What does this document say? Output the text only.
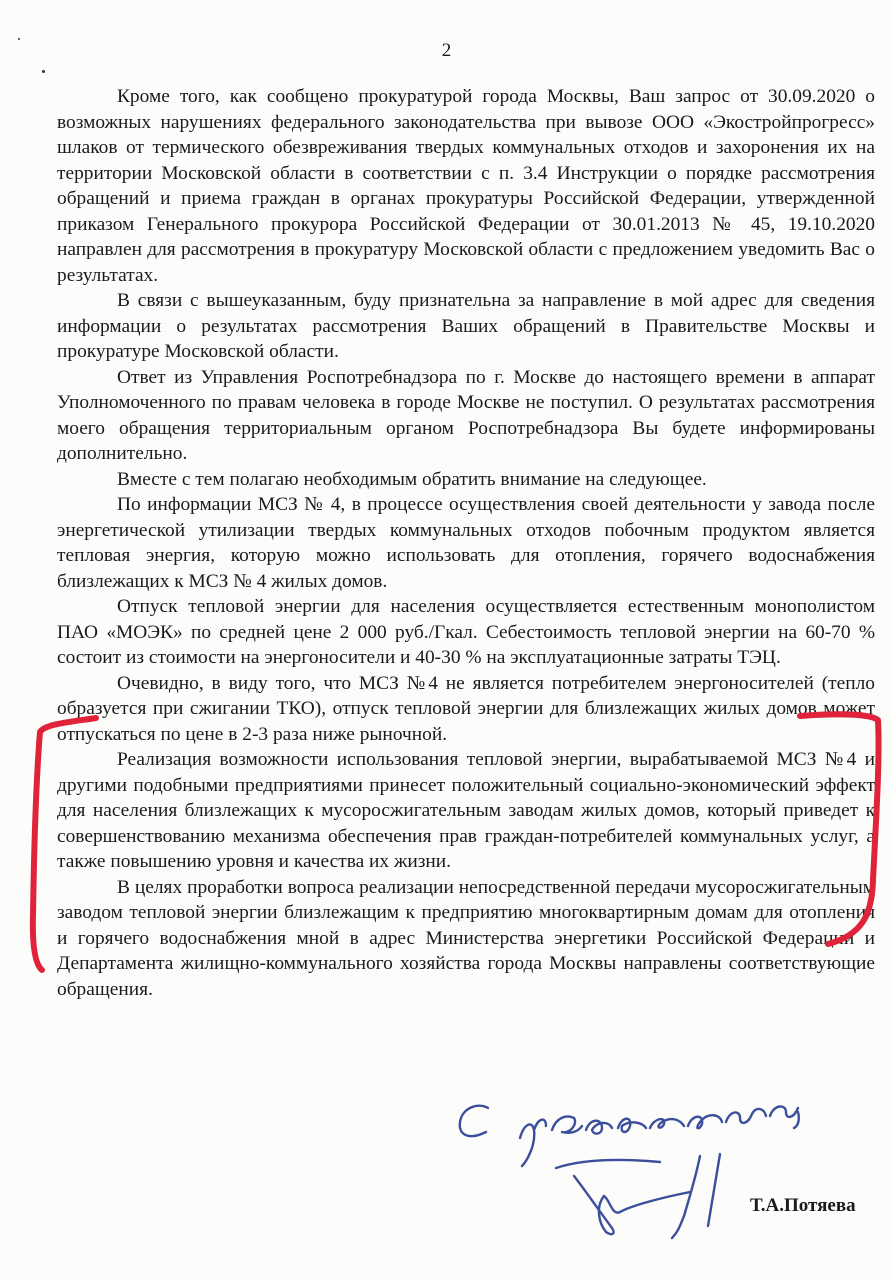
2

Кроме того, как сообщено прокуратурой города Москвы, Ваш запрос от 30.09.2020 о возможных нарушениях федерального законодательства при вывозе ООО «Экостройпрогресс» шлаков от термического обезвреживания твердых коммунальных отходов и захоронения их на территории Московской области в соответствии с п. 3.4 Инструкции о порядке рассмотрения обращений и приема граждан в органах прокуратуры Российской Федерации, утвержденной приказом Генерального прокурора Российской Федерации от 30.01.2013 № 45, 19.10.2020 направлен для рассмотрения в прокуратуру Московской области с предложением уведомить Вас о результатах.

В связи с вышеуказанным, буду признательна за направление в мой адрес для сведения информации о результатах рассмотрения Ваших обращений в Правительстве Москвы и прокуратуре Московской области.

Ответ из Управления Роспотребнадзора по г. Москве до настоящего времени в аппарат Уполномоченного по правам человека в городе Москве не поступил. О результатах рассмотрения моего обращения территориальным органом Роспотребнадзора Вы будете информированы дополнительно.

Вместе с тем полагаю необходимым обратить внимание на следующее.

По информации МСЗ № 4, в процессе осуществления своей деятельности у завода после энергетической утилизации твердых коммунальных отходов побочным продуктом является тепловая энергия, которую можно использовать для отопления, горячего водоснабжения близлежащих к МСЗ № 4 жилых домов.

Отпуск тепловой энергии для населения осуществляется естественным монополистом ПАО «МОЭК» по средней цене 2 000 руб./Гкал. Себестоимость тепловой энергии на 60-70 % состоит из стоимости на энергоносители и 40-30 % на эксплуатационные затраты ТЭЦ.

Очевидно, в виду того, что МСЗ №4 не является потребителем энергоносителей (тепло образуется при сжигании ТКО), отпуск тепловой энергии для близлежащих жилых домов может отпускаться по цене в 2-3 раза ниже рыночной.

Реализация возможности использования тепловой энергии, вырабатываемой МСЗ №4 и другими подобными предприятиями принесет положительный социально-экономический эффект для населения близлежащих к мусоросжигательным заводам жилых домов, который приведет к совершенствованию механизма обеспечения прав граждан-потребителей коммунальных услуг, а также повышению уровня и качества их жизни.

В целях проработки вопроса реализации непосредственной передачи мусоросжигательным заводом тепловой энергии близлежащим к предприятию многоквартирным домам для отопления и горячего водоснабжения мной в адрес Министерства энергетики Российской Федерации и Департамента жилищно-коммунального хозяйства города Москвы направлены соответствующие обращения.

Т.А.Потяева
